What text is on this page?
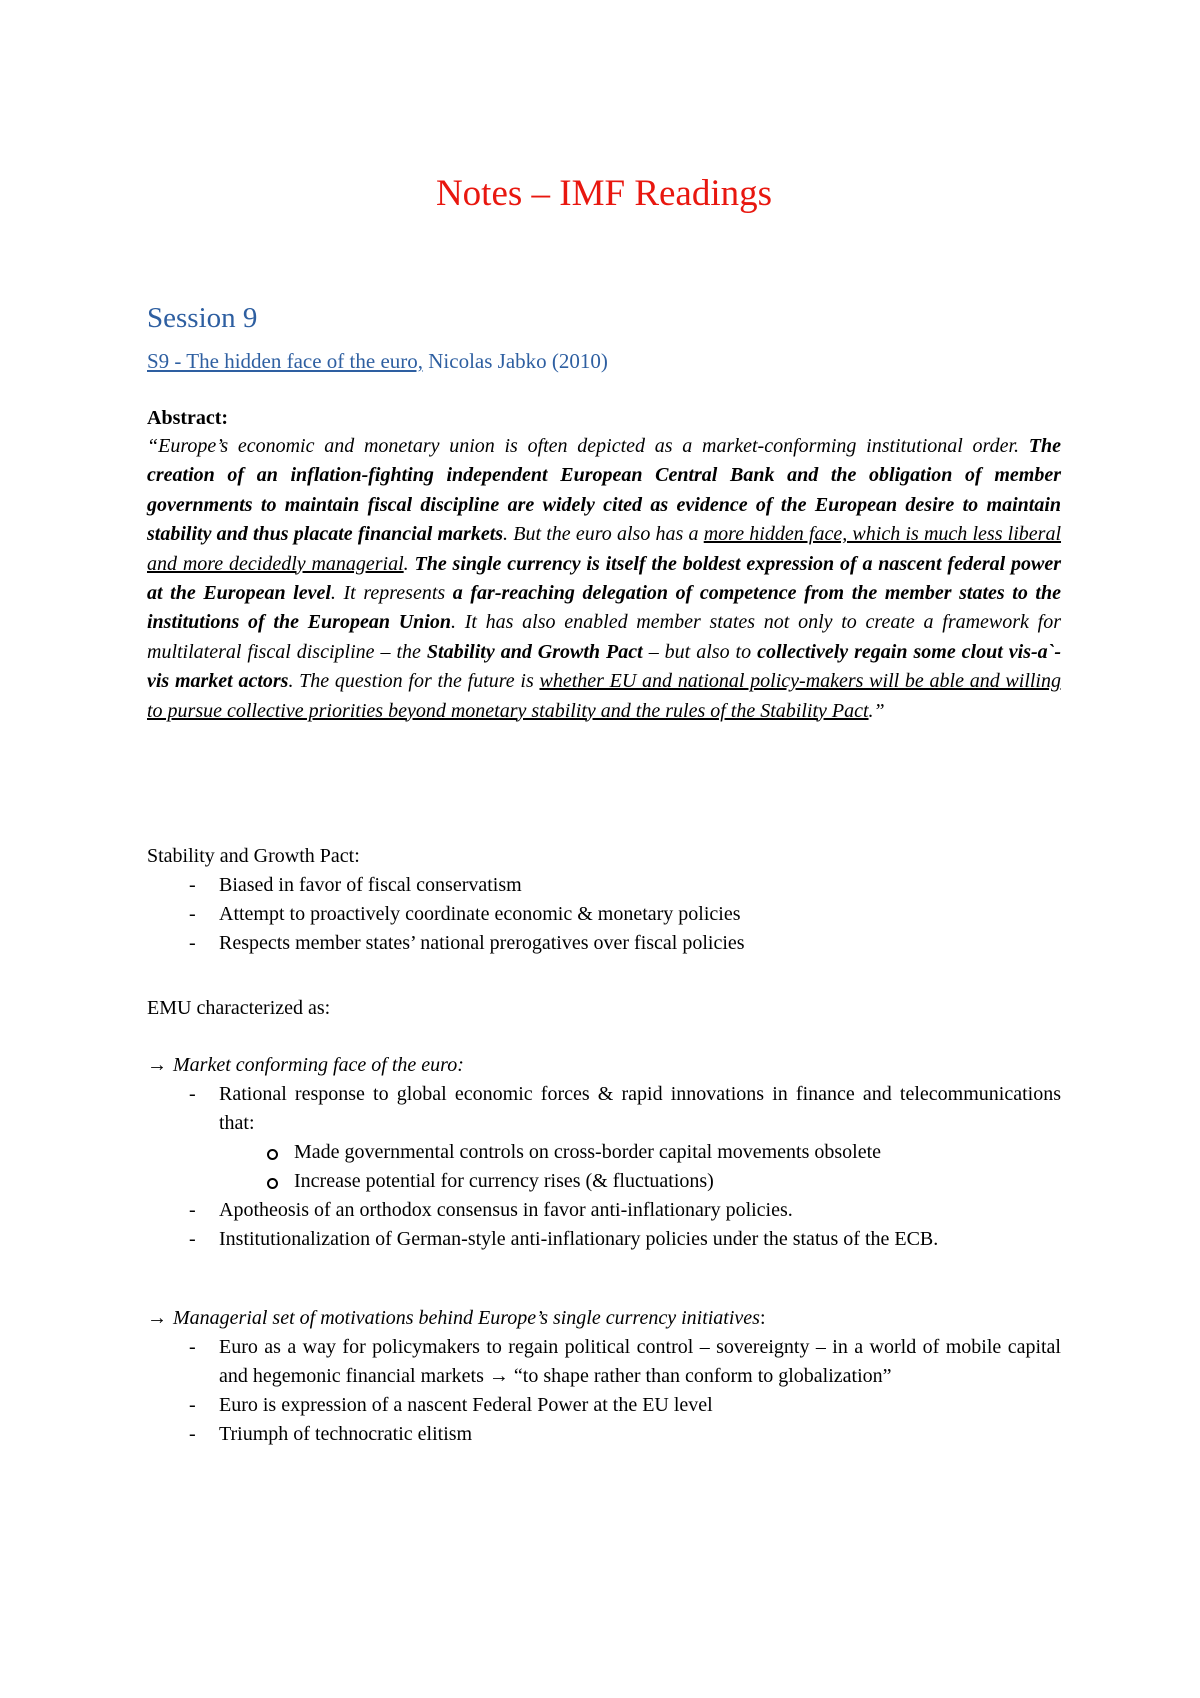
Notes – IMF Readings
Session 9
S9 - The hidden face of the euro, Nicolas Jabko (2010)
Abstract:
“Europe’s economic and monetary union is often depicted as a market-conforming institutional order. The creation of an inflation-fighting independent European Central Bank and the obligation of member governments to maintain fiscal discipline are widely cited as evidence of the European desire to maintain stability and thus placate financial markets. But the euro also has a more hidden face, which is much less liberal and more decidedly managerial. The single currency is itself the boldest expression of a nascent federal power at the European level. It represents a far-reaching delegation of competence from the member states to the institutions of the European Union. It has also enabled member states not only to create a framework for multilateral fiscal discipline – the Stability and Growth Pact – but also to collectively regain some clout vis-a`-vis market actors. The question for the future is whether EU and national policy-makers will be able and willing to pursue collective priorities beyond monetary stability and the rules of the Stability Pact.”
Stability and Growth Pact:
- Biased in favor of fiscal conservatism
- Attempt to proactively coordinate economic & monetary policies
- Respects member states’ national prerogatives over fiscal policies
EMU characterized as:
→ Market conforming face of the euro:
- Rational response to global economic forces & rapid innovations in finance and telecommunications that:
Made governmental controls on cross-border capital movements obsolete
Increase potential for currency rises (& fluctuations)
- Apotheosis of an orthodox consensus in favor anti-inflationary policies.
- Institutionalization of German-style anti-inflationary policies under the status of the ECB.
→ Managerial set of motivations behind Europe’s single currency initiatives:
- Euro as a way for policymakers to regain political control – sovereignty – in a world of mobile capital and hegemonic financial markets → “to shape rather than conform to globalization”
- Euro is expression of a nascent Federal Power at the EU level
- Triumph of technocratic elitism
